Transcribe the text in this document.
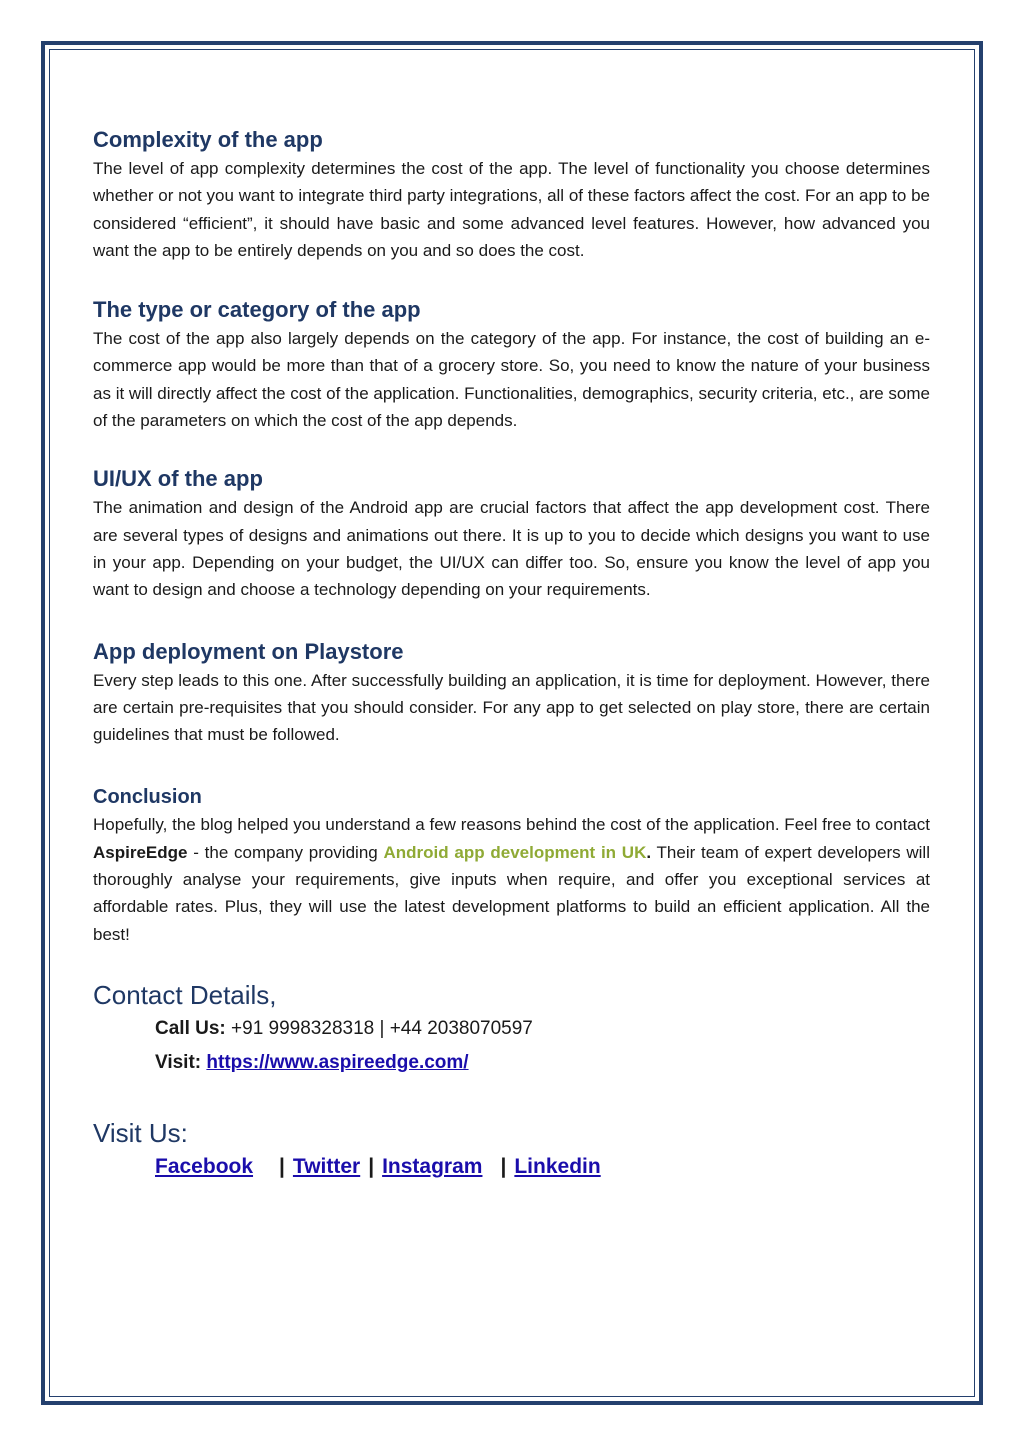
Complexity of the app

The level of app complexity determines the cost of the app. The level of functionality you choose determines whether or not you want to integrate third party integrations, all of these factors affect the cost. For an app to be considered “efficient”, it should have basic and some advanced level features. However, how advanced you want the app to be entirely depends on you and so does the cost.

The type or category of the app

The cost of the app also largely depends on the category of the app. For instance, the cost of building an e-commerce app would be more than that of a grocery store. So, you need to know the nature of your business as it will directly affect the cost of the application. Functionalities, demographics, security criteria, etc., are some of the parameters on which the cost of the app depends.

UI/UX of the app

The animation and design of the Android app are crucial factors that affect the app development cost. There are several types of designs and animations out there. It is up to you to decide which designs you want to use in your app. Depending on your budget, the UI/UX can differ too. So, ensure you know the level of app you want to design and choose a technology depending on your requirements.

App deployment on Playstore

Every step leads to this one. After successfully building an application, it is time for deployment. However, there are certain pre-requisites that you should consider. For any app to get selected on play store, there are certain guidelines that must be followed.

Conclusion

Hopefully, the blog helped you understand a few reasons behind the cost of the application. Feel free to contact AspireEdge - the company providing Android app development in UK. Their team of expert developers will thoroughly analyse your requirements, give inputs when require, and offer you exceptional services at affordable rates. Plus, they will use the latest development platforms to build an efficient application. All the best!

Contact Details,
Call Us: +91 9998328318 | +44 2038070597
Visit: https://www.aspireedge.com/
Visit Us:
Facebook | Twitter | Instagram | Linkedin
